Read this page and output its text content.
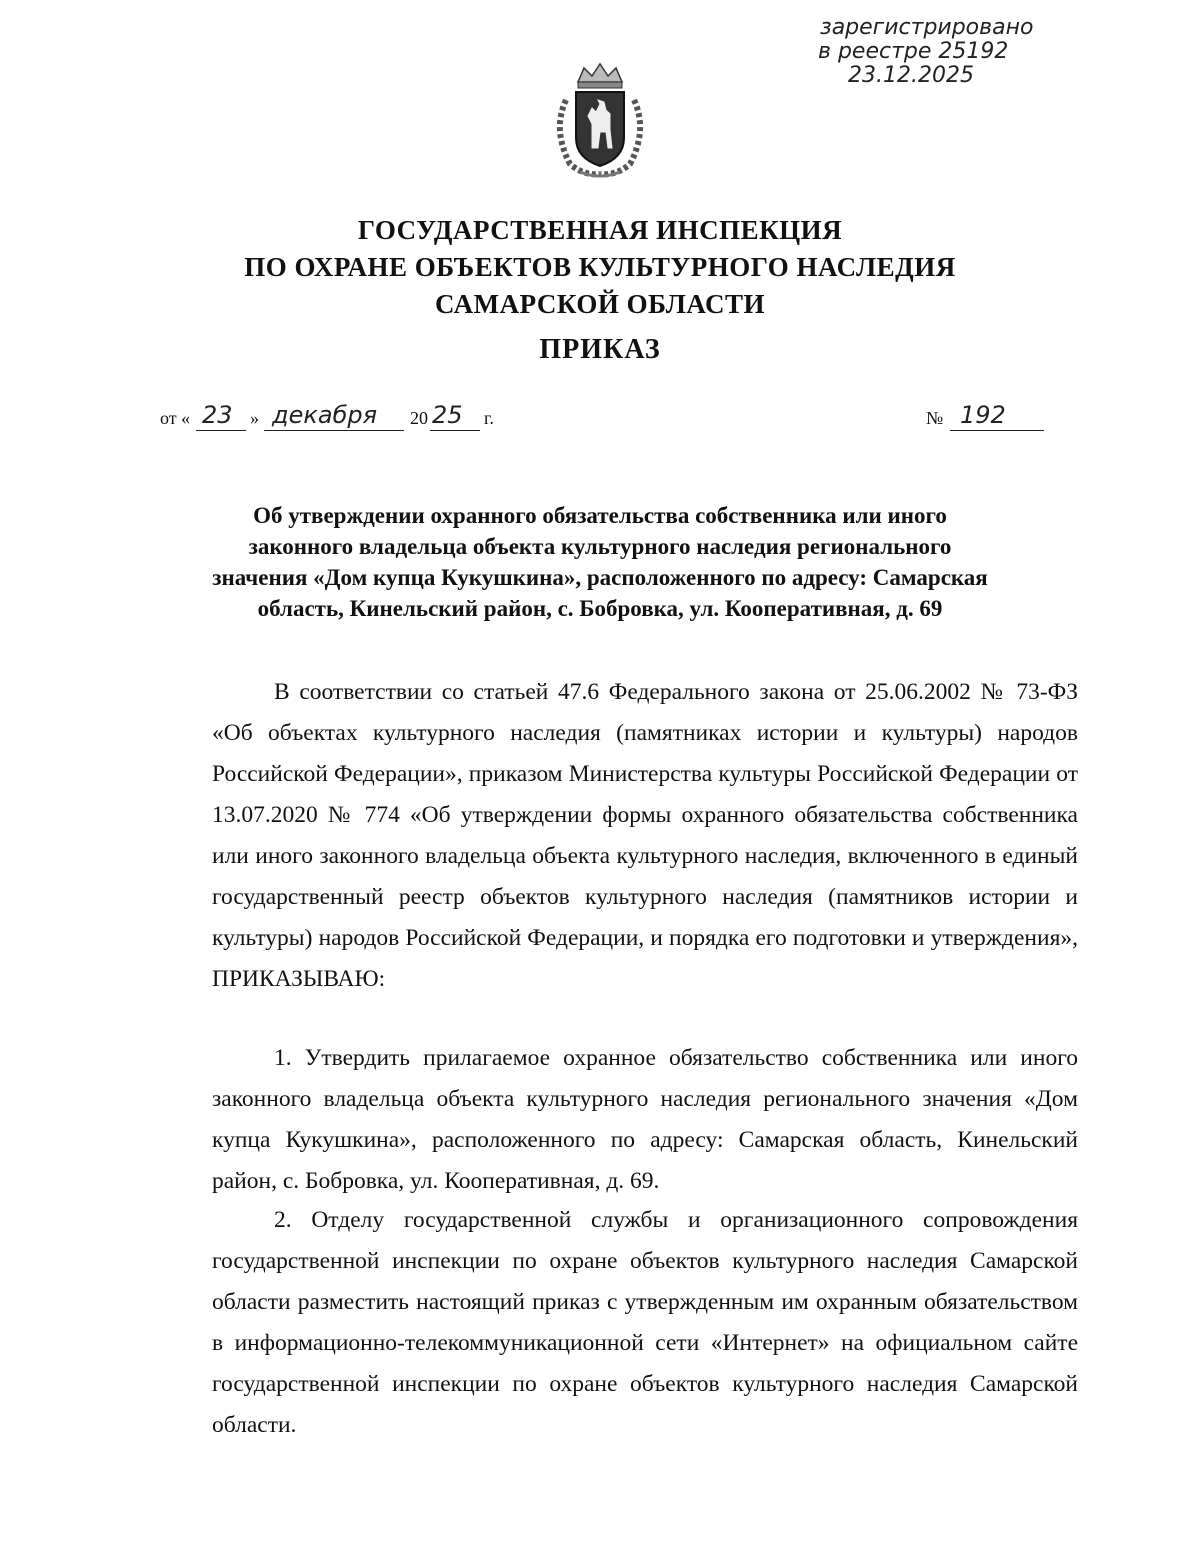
зарегистрировано
в реестре 25192
23.12.2025
ГОСУДАРСТВЕННАЯ ИНСПЕКЦИЯ
ПО ОХРАНЕ ОБЪЕКТОВ КУЛЬТУРНОГО НАСЛЕДИЯ
САМАРСКОЙ ОБЛАСТИ
ПРИКАЗ
от « 23 » декабря 20 25 г.	№ 192
Об утверждении охранного обязательства собственника или иного
законного владельца объекта культурного наследия регионального
значения «Дом купца Кукушкина», расположенного по адресу: Самарская
область, Кинельский район, с. Бобровка, ул. Кооперативная, д. 69

В соответствии со статьей 47.6 Федерального закона от 25.06.2002 № 73-ФЗ «Об объектах культурного наследия (памятниках истории и культуры) народов Российской Федерации», приказом Министерства культуры Российской Федерации от 13.07.2020 № 774 «Об утверждении формы охранного обязательства собственника или иного законного владельца объекта культурного наследия, включенного в единый государственный реестр объектов культурного наследия (памятников истории и культуры) народов Российской Федерации, и порядка его подготовки и утверждения», ПРИКАЗЫВАЮ:

1. Утвердить прилагаемое охранное обязательство собственника или иного законного владельца объекта культурного наследия регионального значения «Дом купца Кукушкина», расположенного по адресу: Самарская область, Кинельский район, с. Бобровка, ул. Кооперативная, д. 69.

2. Отделу государственной службы и организационного сопровождения государственной инспекции по охране объектов культурного наследия Самарской области разместить настоящий приказ с утвержденным им охранным обязательством в информационно-телекоммуникационной сети «Интернет» на официальном сайте государственной инспекции по охране объектов культурного наследия Самарской области.
